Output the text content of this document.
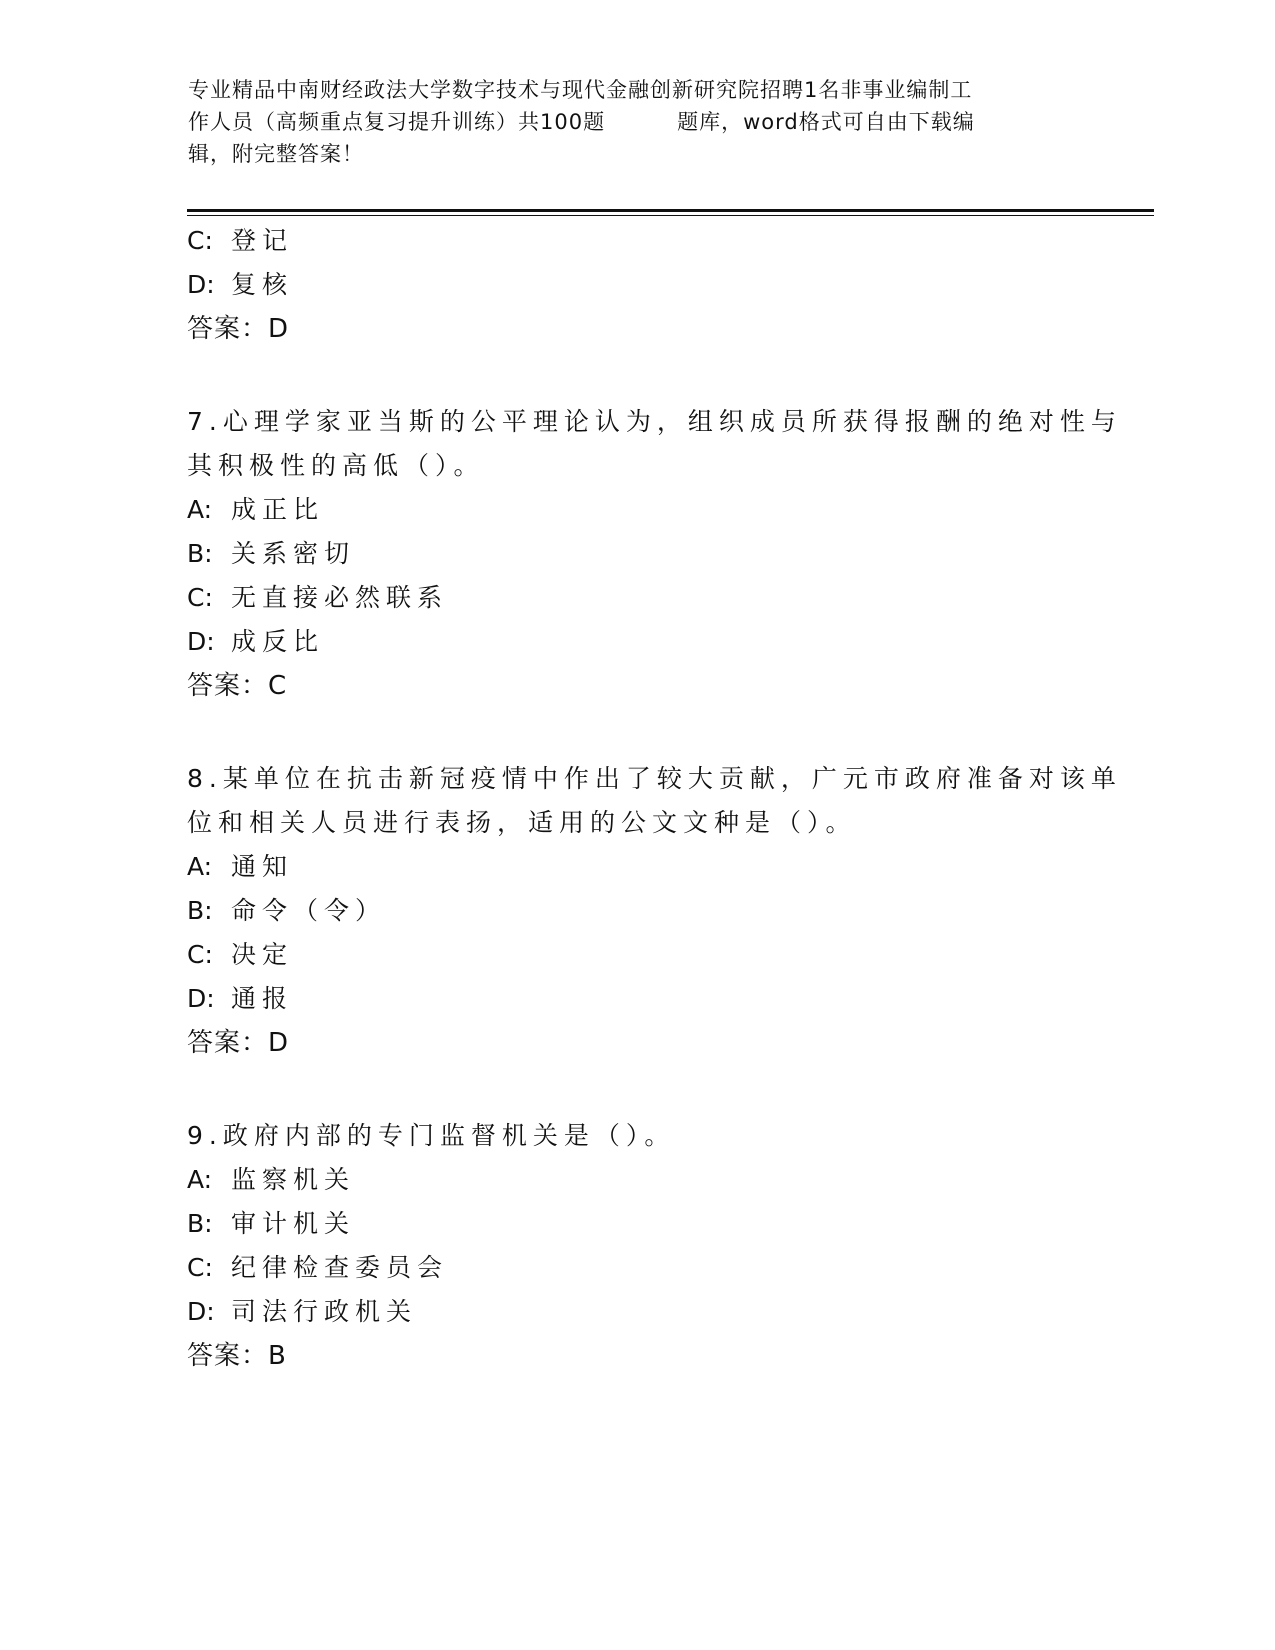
专业精品中南财经政法大学数字技术与现代金融创新研究院招聘1名非事业编制工
作人员（高频重点复习提升训练）共100题	题库，word格式可自由下载编
辑，附完整答案！
C: 登记
D: 复核
答案：D
7.心理学家亚当斯的公平理论认为，组织成员所获得报酬的绝对性与
其积极性的高低（）。
A: 成正比
B: 关系密切
C: 无直接必然联系
D: 成反比
答案：C
8.某单位在抗击新冠疫情中作出了较大贡献，广元市政府准备对该单
位和相关人员进行表扬，适用的公文文种是（）。
A: 通知
B: 命令（令）
C: 决定
D: 通报
答案：D
9.政府内部的专门监督机关是（）。
A: 监察机关
B: 审计机关
C: 纪律检查委员会
D: 司法行政机关
答案：B
